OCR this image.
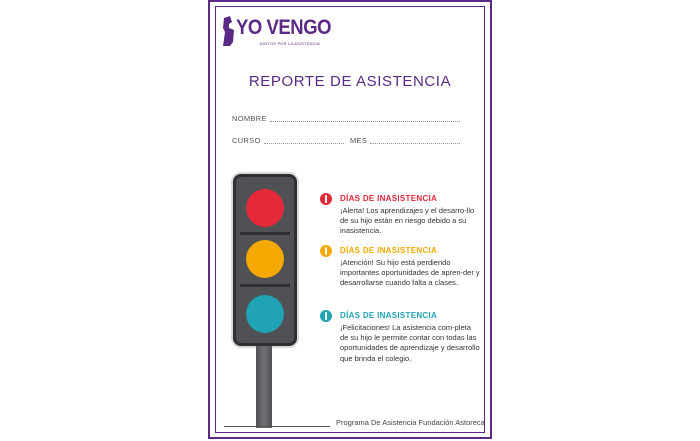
YO VENGO
JUNTOS POR LA ASISTENCIA
REPORTE DE ASISTENCIA
NOMBRE
CURSO	MES
DÍAS DE INASISTENCIA
¡Alerta! Los aprendizajes y el desarro-llo de su hijo están en riesgo debido a su inasistencia.
DÍAS DE INASISTENCIA
¡Atención! Su hijo está perdiendo importantes oportunidades de apren-der y desarrollarse cuando falta a clases.
DÍAS DE INASISTENCIA
¡Felicitaciones! La asistencia com-pleta de su hijo le permite contar con todas las oportunidades de aprendizaje y desarrollo que brinda el colegio.
Programa De Asistencia Fundación Astoreca
